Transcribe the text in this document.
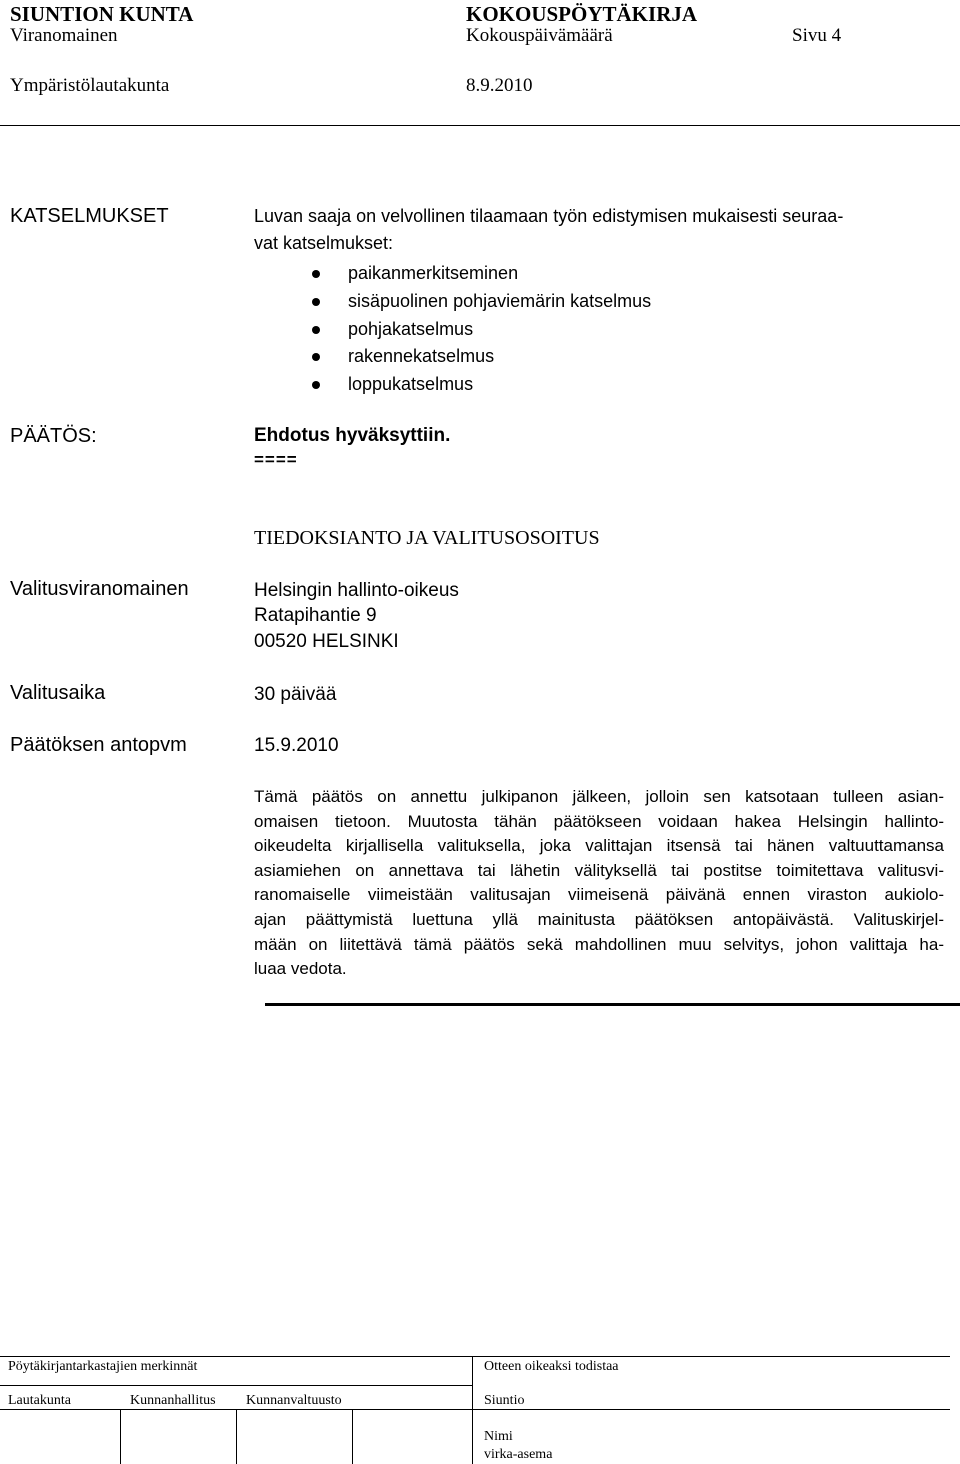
SIUNTION KUNTA	KOKOUSPÖYTÄKIRJA
Viranomainen	Kokouspäivämäärä	Sivu 4
Ympäristölautakunta	8.9.2010
KATSELMUKSET	Luvan saaja on velvollinen tilaamaan työn edistymisen mukaisesti seuraa-
vat katselmukset:
paikanmerkitseminen
sisäpuolinen pohjaviemärin katselmus
pohjakatselmus
rakennekatselmus
loppukatselmus
PÄÄTÖS:	Ehdotus hyväksyttiin.
====
TIEDOKSIANTO JA VALITUSOSOITUS
Valitusviranomainen	Helsingin hallinto-oikeus
Ratapihantie 9
00520 HELSINKI
Valitusaika	30 päivää
Päätöksen antopvm	15.9.2010
Tämä päätös on annettu julkipanon jälkeen, jolloin sen katsotaan tulleen asian-
omaisen tietoon. Muutosta tähän päätökseen voidaan hakea Helsingin hallinto-
oikeudelta kirjallisella valituksella, joka valittajan itsensä tai hänen valtuuttamansa
asiamiehen on annettava tai lähetin välityksellä tai postitse toimitettava valitusvi-
ranomaiselle viimeistään valitusajan viimeisenä päivänä ennen viraston aukiolo-
ajan päättymistä luettuna yllä mainitusta päätöksen antopäivästä. Valituskirjel-
mään on liitettävä tämä päätös sekä mahdollinen muu selvitys, johon valittaja ha-
luaa vedota.
Pöytäkirjantarkastajien merkinnät	Otteen oikeaksi todistaa
Lautakunta	Kunnanhallitus Kunnanvaltuusto	Siuntio
Nimi
virka-asema
